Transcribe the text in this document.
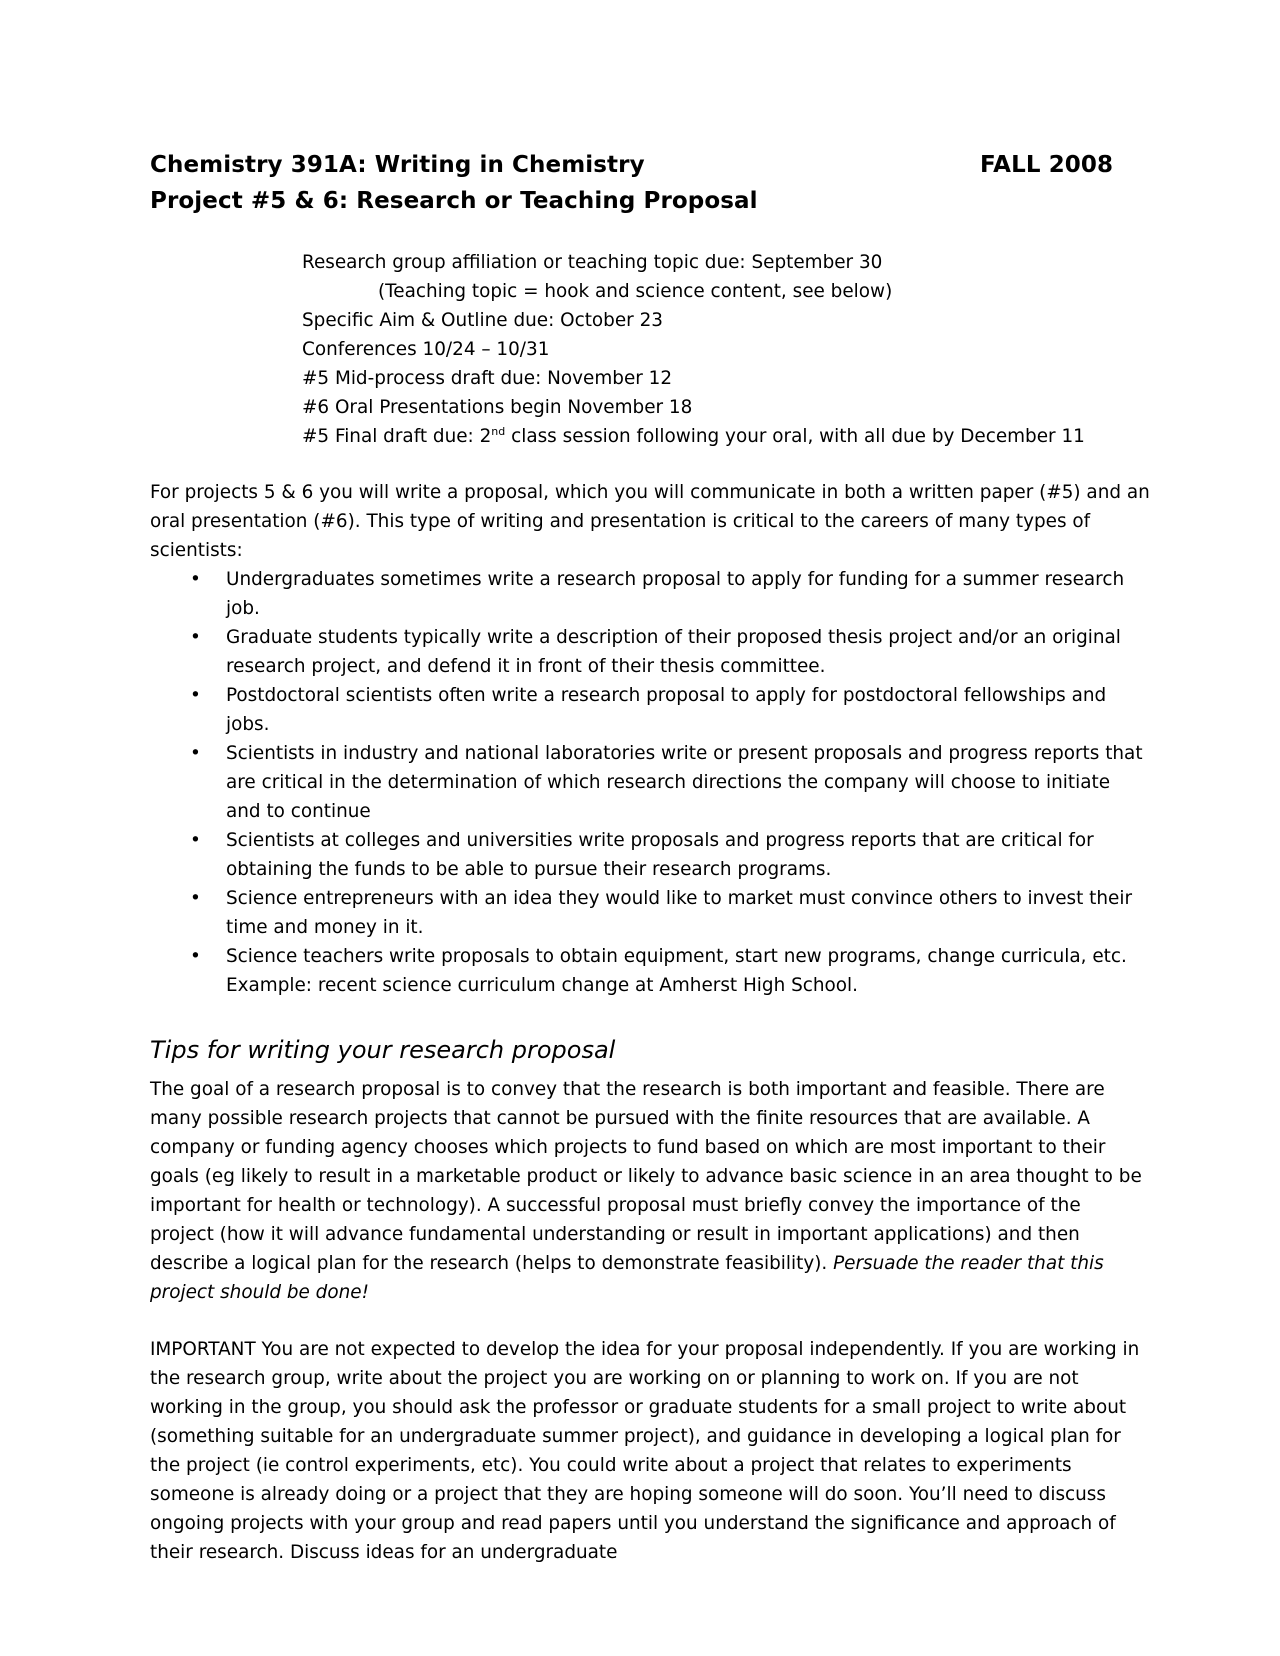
Chemistry 391A: Writing in Chemistry	FALL 2008
Project #5 & 6: Research or Teaching Proposal
Research group affiliation or teaching topic due: September 30
(Teaching topic = hook and science content, see below)
Specific Aim & Outline due: October 23
Conferences 10/24 – 10/31
#5 Mid-process draft due: November 12
#6 Oral Presentations begin November 18
#5 Final draft due: 2nd class session following your oral, with all due by December 11

For projects 5 & 6 you will write a proposal, which you will communicate in both a written paper (#5) and an oral presentation (#6). This type of writing and presentation is critical to the careers of many types of scientists:

• Undergraduates sometimes write a research proposal to apply for funding for a summer research job.
• Graduate students typically write a description of their proposed thesis project and/or an original research project, and defend it in front of their thesis committee.
• Postdoctoral scientists often write a research proposal to apply for postdoctoral fellowships and jobs.
• Scientists in industry and national laboratories write or present proposals and progress reports that are critical in the determination of which research directions the company will choose to initiate and to continue
• Scientists at colleges and universities write proposals and progress reports that are critical for obtaining the funds to be able to pursue their research programs.
• Science entrepreneurs with an idea they would like to market must convince others to invest their time and money in it.
• Science teachers write proposals to obtain equipment, start new programs, change curricula, etc. Example: recent science curriculum change at Amherst High School.
Tips for writing your research proposal

The goal of a research proposal is to convey that the research is both important and feasible. There are many possible research projects that cannot be pursued with the finite resources that are available. A company or funding agency chooses which projects to fund based on which are most important to their goals (eg likely to result in a marketable product or likely to advance basic science in an area thought to be important for health or technology). A successful proposal must briefly convey the importance of the project (how it will advance fundamental understanding or result in important applications) and then describe a logical plan for the research (helps to demonstrate feasibility). Persuade the reader that this project should be done!

IMPORTANT You are not expected to develop the idea for your proposal independently. If you are working in the research group, write about the project you are working on or planning to work on. If you are not working in the group, you should ask the professor or graduate students for a small project to write about (something suitable for an undergraduate summer project), and guidance in developing a logical plan for the project (ie control experiments, etc). You could write about a project that relates to experiments someone is already doing or a project that they are hoping someone will do soon. You’ll need to discuss ongoing projects with your group and read papers until you understand the significance and approach of their research. Discuss ideas for an undergraduate
